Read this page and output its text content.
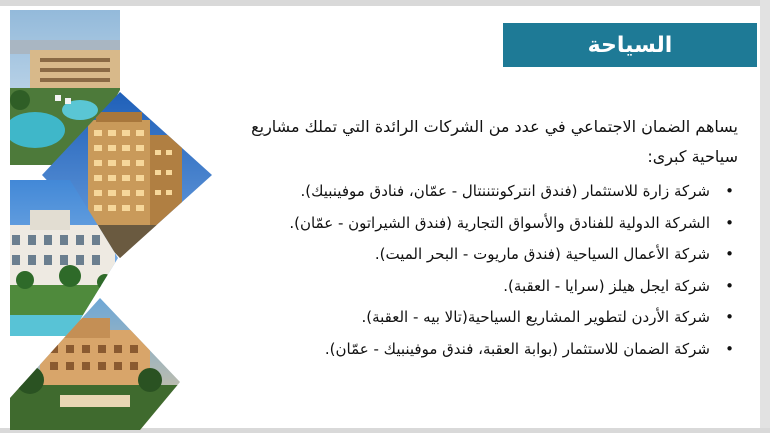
السياحة

يساهم الضمان الاجتماعي في عدد من الشركات الرائدة التي تملك مشاريع سياحية كبرى:

•
شركة زارة للاستثمار (فندق انتركونتننتال - عمّان، فنادق موفينبيك).
•
الشركة الدولية للفنادق والأسواق التجارية (فندق الشيراتون - عمّان).
•
شركة الأعمال السياحية (فندق ماريوت - البحر الميت).
•
شركة ايجل هيلز (سرايا - العقبة).
•
شركة الأردن لتطوير المشاريع السياحية(تالا بيه - العقبة).
•
شركة الضمان للاستثمار (بوابة العقبة، فندق موفينبيك - عمّان).
